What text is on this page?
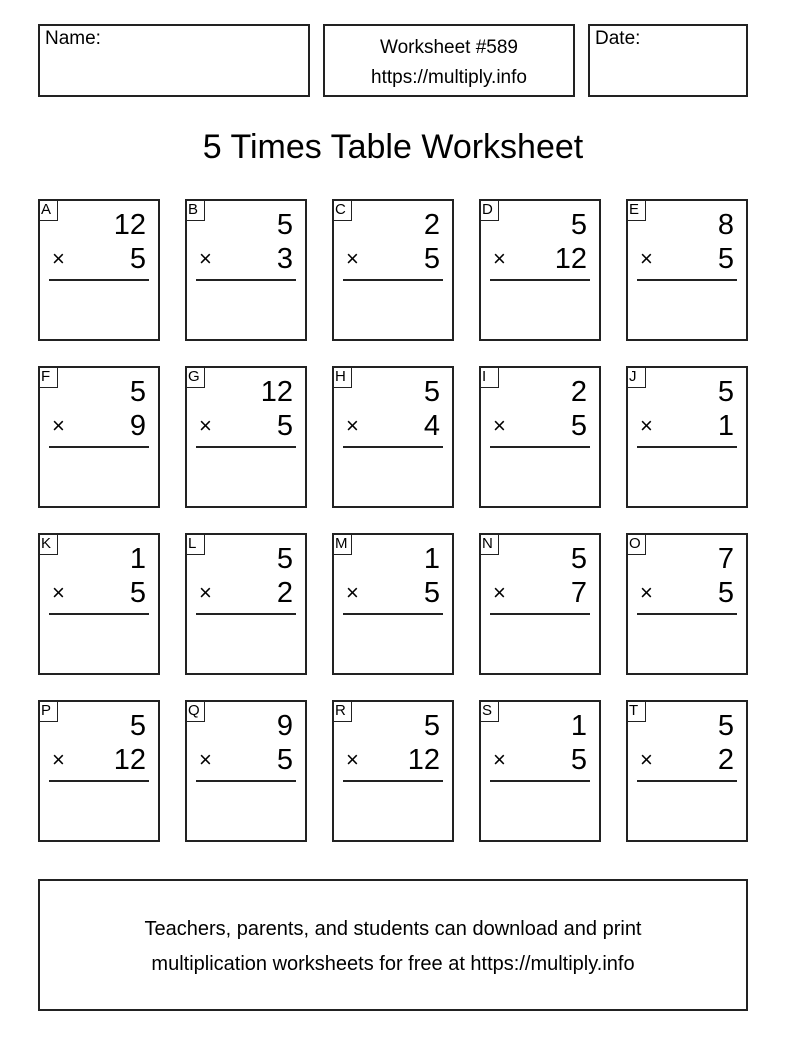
Name:	Worksheet #589
https://multiply.info
Date:
5 Times Table Worksheet
A 12
× 5
B	5
× 3
C	2
× 5
D	5
× 12
E	8
× 5
F	5
× 9
G 12
× 5
H	5
× 4
I	2
× 5
J	5
× 1
K	1
× 5
L	5
× 2
M	1
× 5
N	5
× 7
O	7
× 5
P	5
× 12
Q	9
× 5
R	5
× 12
S	1
× 5
T	5
× 2
Teachers, parents, and students can download and print
multiplication worksheets for free at https://multiply.info
